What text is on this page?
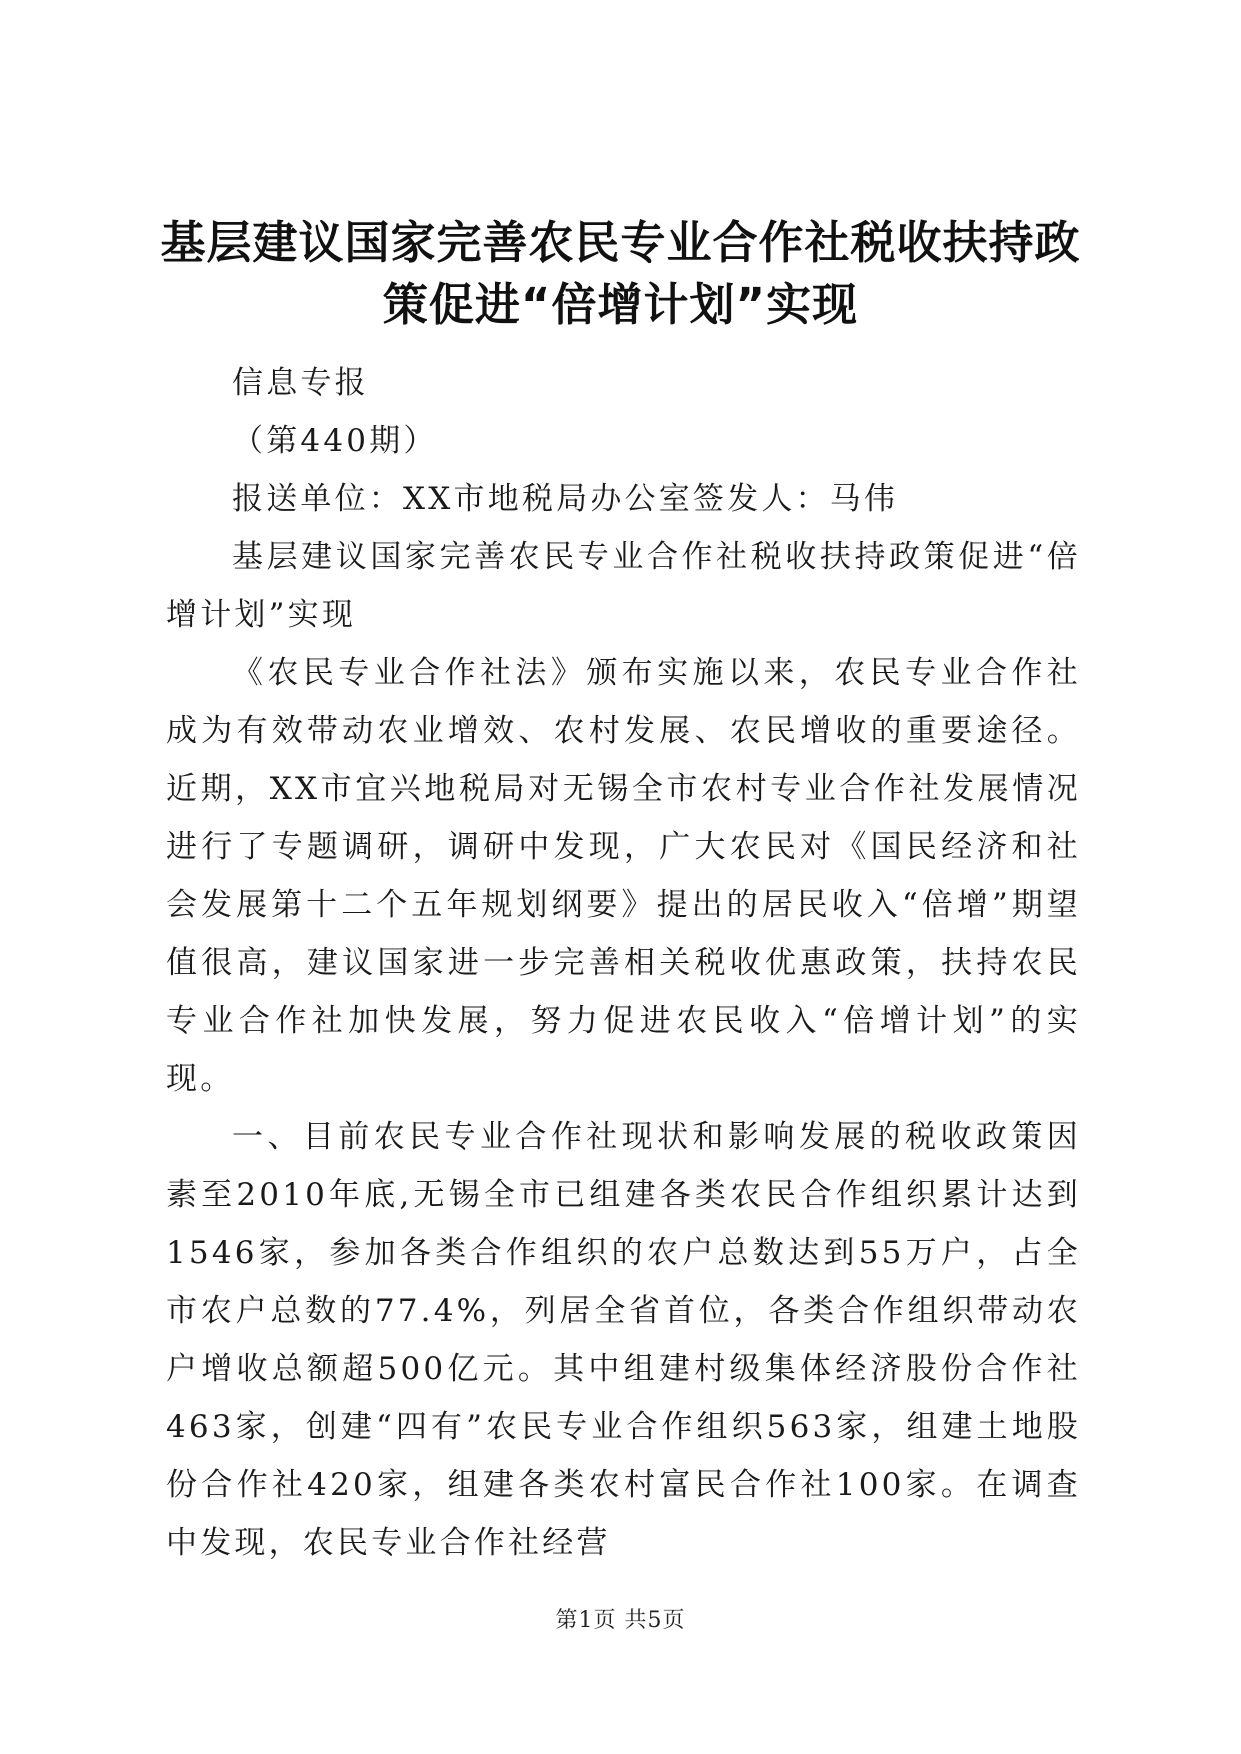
基层建议国家完善农民专业合作社税收扶持政
策促进“倍增计划”实现

信息专报

（第440期）

报送单位：XX市地税局办公室签发人：马伟

基层建议国家完善农民专业合作社税收扶持政策促进“倍增计划”实现

《农民专业合作社法》颁布实施以来，农民专业合作社成为有效带动农业增效、农村发展、农民增收的重要途径。近期，XX市宜兴地税局对无锡全市农村专业合作社发展情况进行了专题调研，调研中发现，广大农民对《国民经济和社会发展第十二个五年规划纲要》提出的居民收入“倍增”期望值很高，建议国家进一步完善相关税收优惠政策，扶持农民专业合作社加快发展，努力促进农民收入“倍增计划”的实现。

一、目前农民专业合作社现状和影响发展的税收政策因素至2010年底,无锡全市已组建各类农民合作组织累计达到1546家，参加各类合作组织的农户总数达到55万户，占全市农户总数的77.4%，列居全省首位，各类合作组织带动农户增收总额超500亿元。其中组建村级集体经济股份合作社463家，创建“四有”农民专业合作组织563家，组建土地股份合作社420家，组建各类农村富民合作社100家。在调查中发现，农民专业合作社经营

第1页 共5页
